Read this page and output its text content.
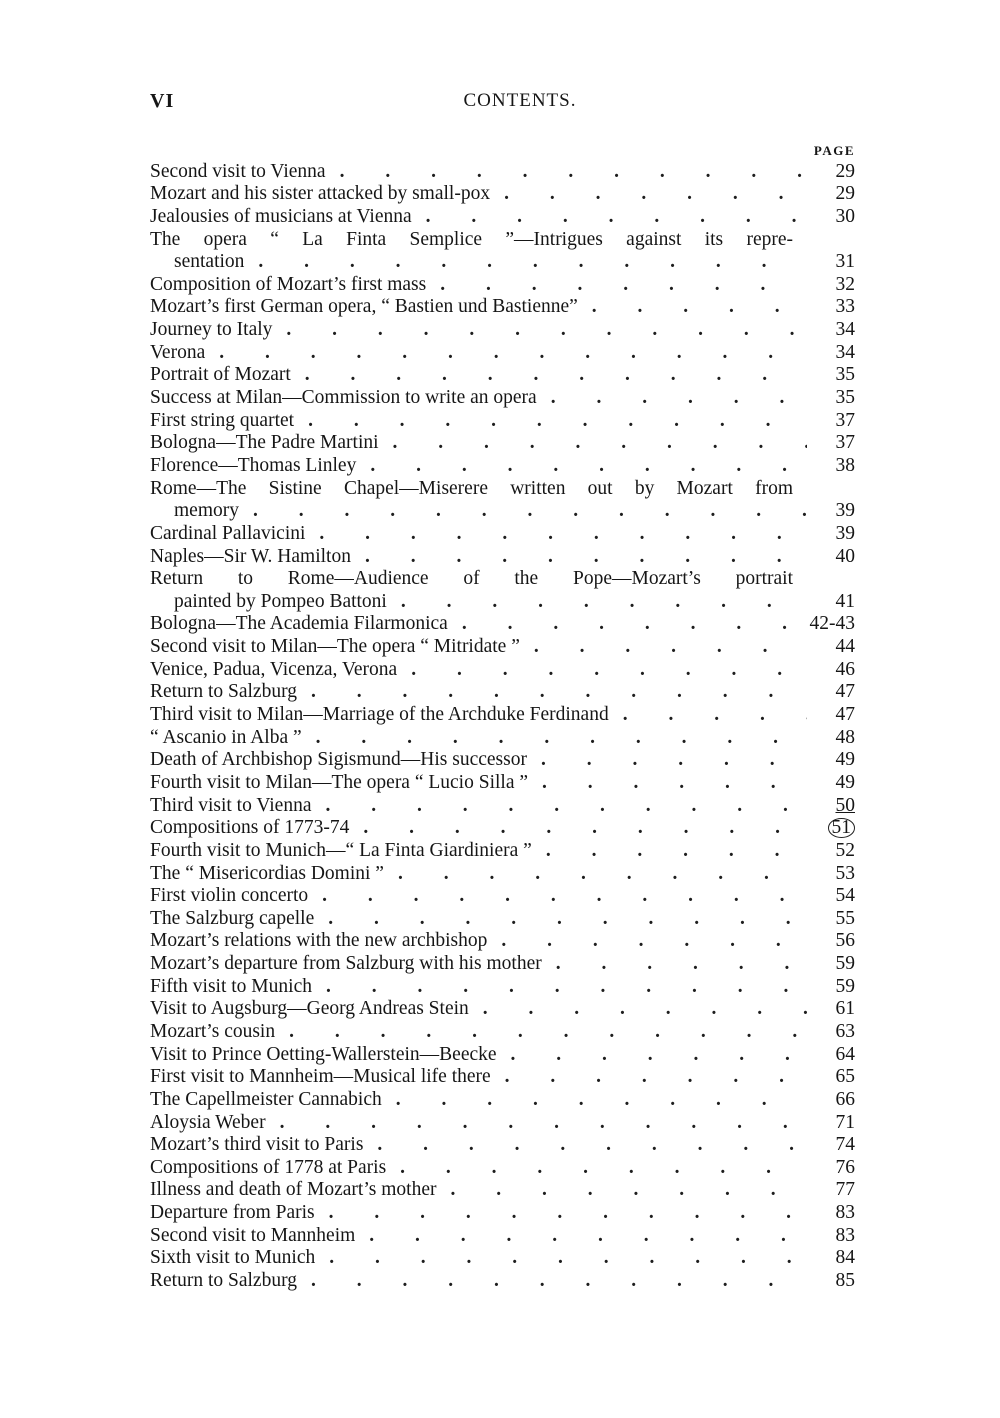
VI	CONTENTS.
PAGE
Second visit to Vienna . . .	29
Mozart and his sister attacked by small-pox . . .	29
Jealousies of musicians at Vienna . . .	30
The opera “ La Finta Semplice ”—Intrigues against its repre-
sentation . . .	31
Composition of Mozart’s first mass . . .	32
Mozart’s first German opera, “ Bastien und Bastienne” . . .	33
Journey to Italy . . .	34
Verona . . .	34
Portrait of Mozart . . .	35
Success at Milan—Commission to write an opera . . .	35
First string quartet . . .	37
Bologna—The Padre Martini . . .	37
Florence—Thomas Linley . . .	38
Rome—The Sistine Chapel—Miserere written out by Mozart from
memory . . .	39
Cardinal Pallavicini . . .	39
Naples—Sir W. Hamilton . . .	40
Return to Rome—Audience of the Pope—Mozart’s portrait
painted by Pompeo Battoni . . .	41
Bologna—The Academia Filarmonica . . .	42-43
Second visit to Milan—The opera “ Mitridate ” . . .	44
Venice, Padua, Vicenza, Verona . . .	46
Return to Salzburg . . .	47
Third visit to Milan—Marriage of the Archduke Ferdinand . . .	47
“ Ascanio in Alba ” . . .	48
Death of Archbishop Sigismund—His successor . . .	49
Fourth visit to Milan—The opera “ Lucio Silla ” . . .	49
Third visit to Vienna . . .	50
Compositions of 1773-74 . . .	51
Fourth visit to Munich—“ La Finta Giardiniera ” . . .	52
The “ Misericordias Domini ” . . .	53
First violin concerto . . .	54
The Salzburg capelle . . .	55
Mozart’s relations with the new archbishop . . .	56
Mozart’s departure from Salzburg with his mother . . .	59
Fifth visit to Munich . . .	59
Visit to Augsburg—Georg Andreas Stein . . .	61
Mozart’s cousin . . .	63
Visit to Prince Oetting-Wallerstein—Beecke . . .	64
First visit to Mannheim—Musical life there . . .	65
The Capellmeister Cannabich . . .	66
Aloysia Weber . . .	71
Mozart’s third visit to Paris . . .	74
Compositions of 1778 at Paris . . .	76
Illness and death of Mozart’s mother . . .	77
Departure from Paris . . .	83
Second visit to Mannheim . . .	83
Sixth visit to Munich . . .	84
Return to Salzburg . . .	85
